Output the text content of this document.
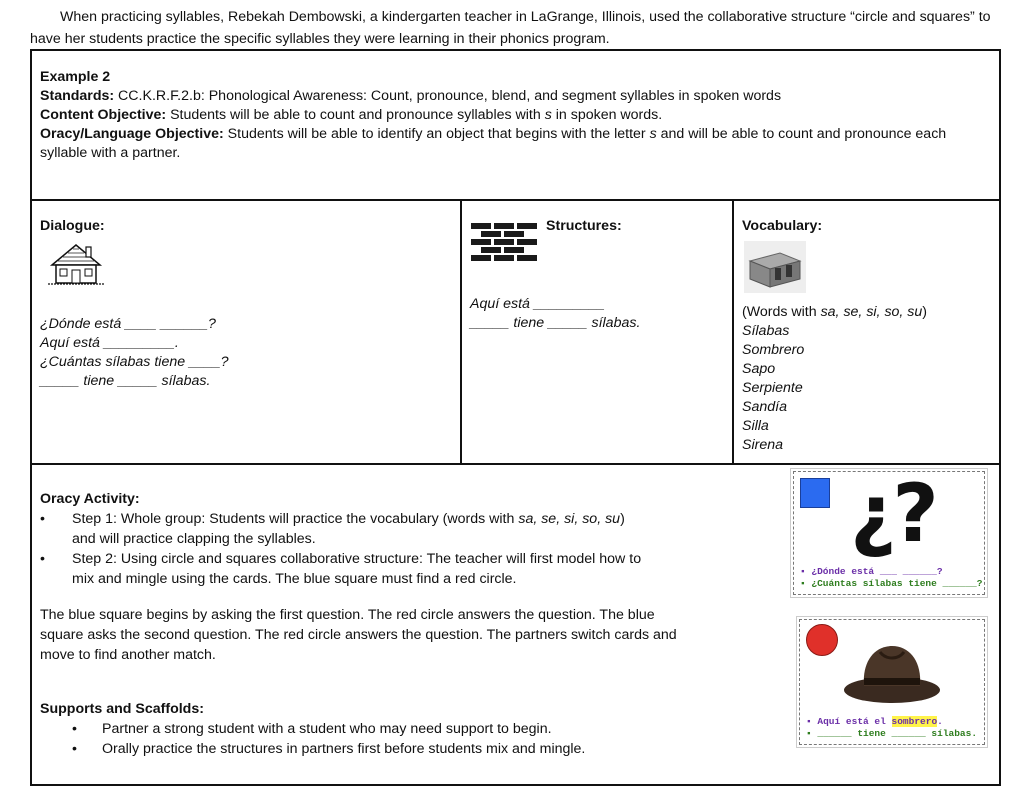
When practicing syllables, Rebekah Dembowski, a kindergarten teacher in LaGrange, Illinois, used the collaborative structure “circle and squares” to have her students practice the specific syllables they were learning in their phonics program.
Example 2
Standards: CC.K.R.F.2.b: Phonological Awareness: Count, pronounce, blend, and segment syllables in spoken words
Content Objective: Students will be able to count and pronounce syllables with s in spoken words.
Oracy/Language Objective: Students will be able to identify an object that begins with the letter s and will be able to count and pronounce each syllable with a partner.
Dialogue:
¿Dónde está ____ ______?
Aquí está _________.
¿Cuántas sílabas tiene ____?
_____ tiene _____ sílabas.
Structures:
Aquí está _________
_____ tiene _____ sílabas.
Vocabulary:
(Words with sa, se, si, so, su)
Sílabas
Sombrero
Sapo
Serpiente
Sandía
Silla
Sirena
Oracy Activity:
• Step 1: Whole group: Students will practice the vocabulary (words with sa, se, si, so, su)
and will practice clapping the syllables.
• Step 2: Using circle and squares collaborative structure: The teacher will first model how to
mix and mingle using the cards. The blue square must find a red circle.
The blue square begins by asking the first question. The red circle answers the question. The blue
square asks the second question. The red circle answers the question. The partners switch cards and
move to find another match.
Supports and Scaffolds:
• Partner a strong student with a student who may need support to begin.
• Orally practice the structures in partners first before students mix and mingle.
¿?
▪ ¿Dónde está ___ ______?
▪ ¿Cuántas sílabas tiene ______?
▪ Aquí está el sombrero.
▪ ______ tiene ______ sílabas.
